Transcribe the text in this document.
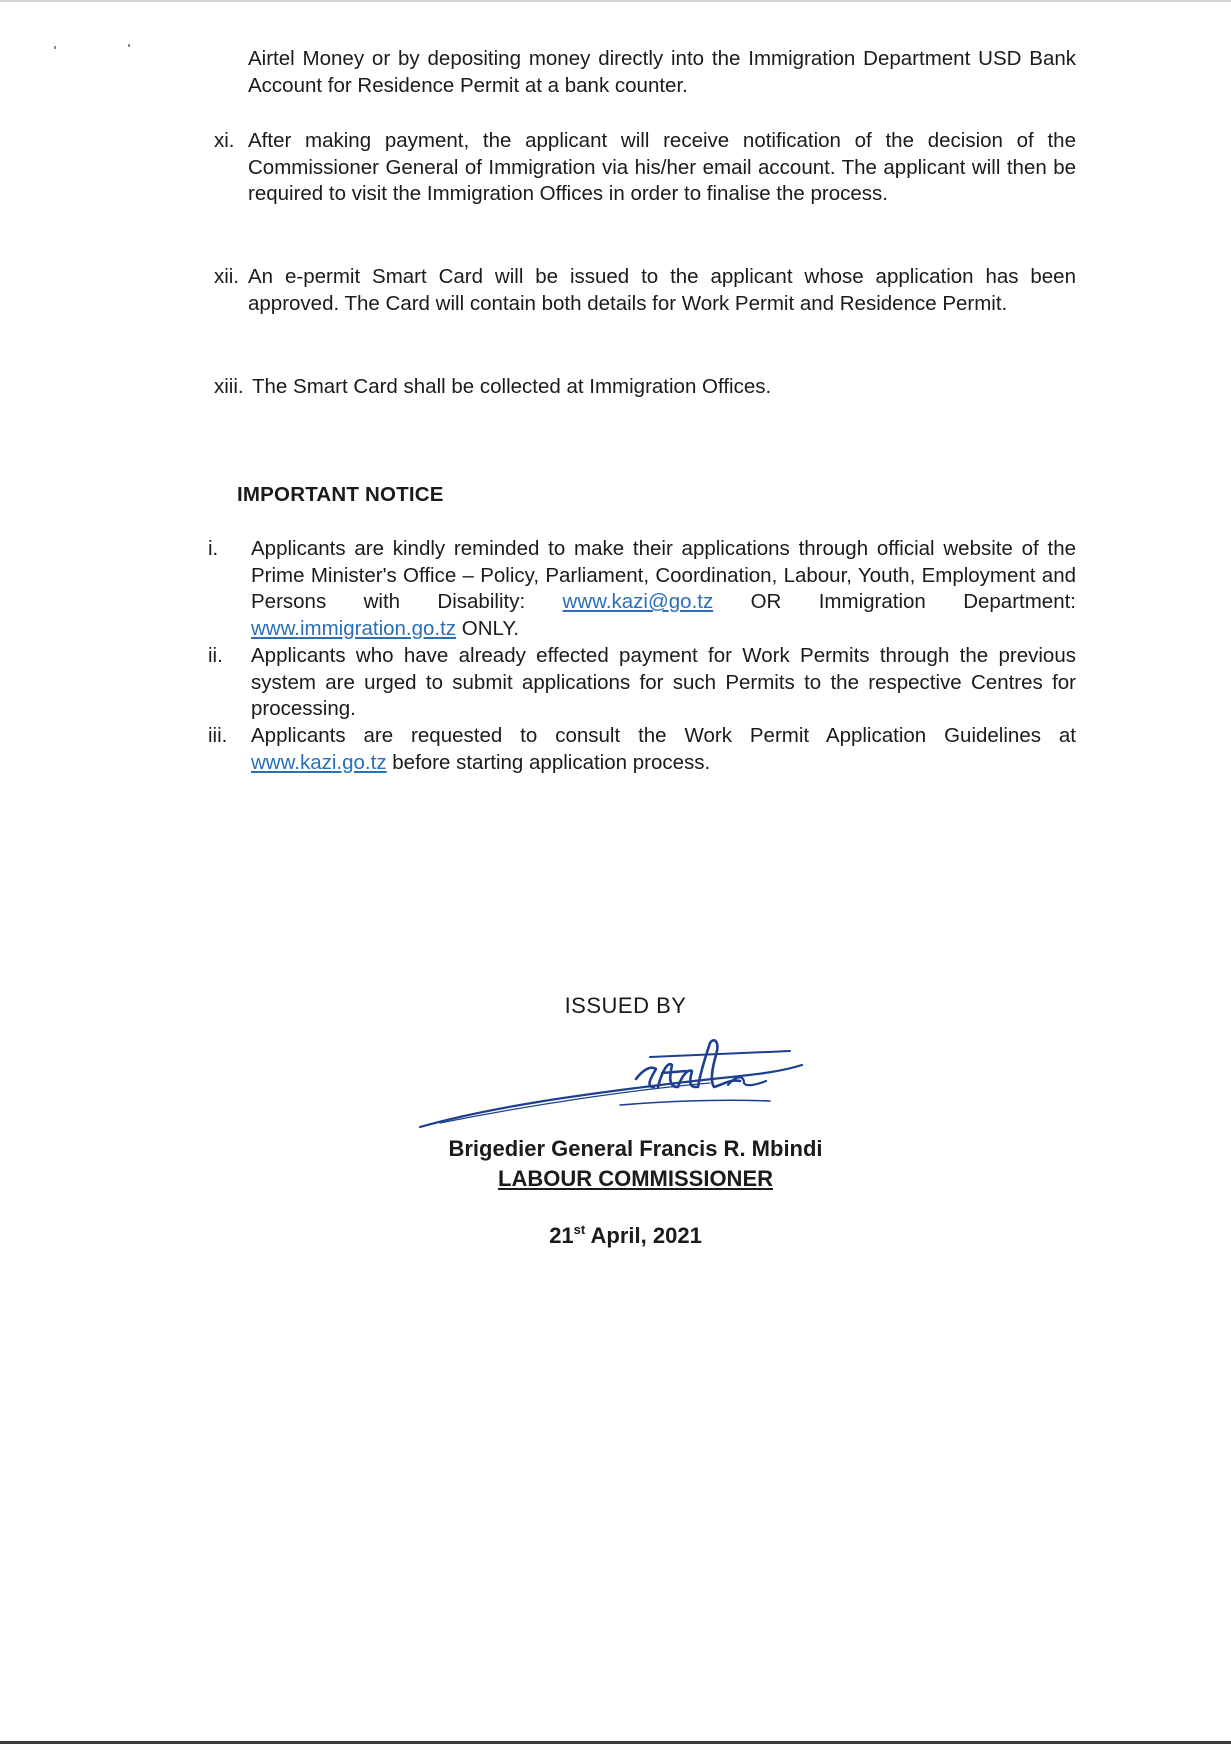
Airtel Money or by depositing money directly into the Immigration Department USD Bank Account for Residence Permit at a bank counter.

xi. After making payment, the applicant will receive notification of the decision of the Commissioner General of Immigration via his/her email account. The applicant will then be required to visit the Immigration Offices in order to finalise the process.

xii. An e-permit Smart Card will be issued to the applicant whose application has been approved. The Card will contain both details for Work Permit and Residence Permit.

xiii. The Smart Card shall be collected at Immigration Offices.

IMPORTANT NOTICE
i. Applicants are kindly reminded to make their applications through official website of the Prime Minister's Office – Policy, Parliament, Coordination, Labour, Youth, Employment and Persons with Disability: www.kazi@go.tz OR Immigration Department: www.immigration.go.tz ONLY.

ii. Applicants who have already effected payment for Work Permits through the previous system are urged to submit applications for such Permits to the respective Centres for processing.

iii. Applicants are requested to consult the Work Permit Application Guidelines at www.kazi.go.tz before starting application process.

ISSUED BY
Brigedier General Francis R. Mbindi
LABOUR COMMISSIONER
21st April, 2021
